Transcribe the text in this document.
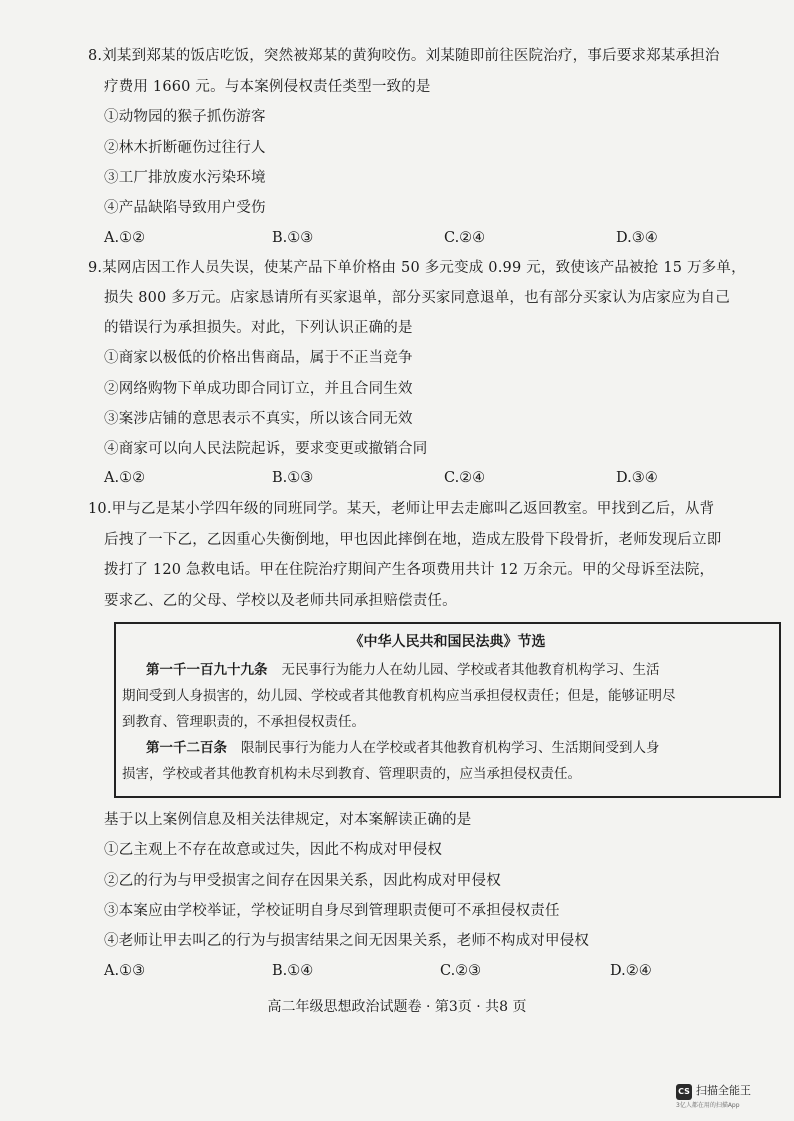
8.刘某到郑某的饭店吃饭，突然被郑某的黄狗咬伤。刘某随即前往医院治疗，事后要求郑某承担治
疗费用 1660 元。与本案例侵权责任类型一致的是
①动物园的猴子抓伤游客
②林木折断砸伤过往行人
③工厂排放废水污染环境
④产品缺陷导致用户受伤
A.①②	B.①③	C.②④	D.③④
9.某网店因工作人员失误，使某产品下单价格由 50 多元变成 0.99 元，致使该产品被抢 15 万多单，
损失 800 多万元。店家恳请所有买家退单，部分买家同意退单，也有部分买家认为店家应为自己
的错误行为承担损失。对此，下列认识正确的是
①商家以极低的价格出售商品，属于不正当竞争
②网络购物下单成功即合同订立，并且合同生效
③案涉店铺的意思表示不真实，所以该合同无效
④商家可以向人民法院起诉，要求变更或撤销合同
A.①②	B.①③	C.②④	D.③④
10.甲与乙是某小学四年级的同班同学。某天，老师让甲去走廊叫乙返回教室。甲找到乙后，从背
后拽了一下乙，乙因重心失衡倒地，甲也因此摔倒在地，造成左股骨下段骨折，老师发现后立即
拨打了 120 急救电话。甲在住院治疗期间产生各项费用共计 12 万余元。甲的父母诉至法院，
要求乙、乙的父母、学校以及老师共同承担赔偿责任。
《中华人民共和国民法典》节选
第一千一百九十九条 无民事行为能力人在幼儿园、学校或者其他教育机构学习、生活
期间受到人身损害的，幼儿园、学校或者其他教育机构应当承担侵权责任；但是，能够证明尽
到教育、管理职责的，不承担侵权责任。
第一千二百条 限制民事行为能力人在学校或者其他教育机构学习、生活期间受到人身
损害，学校或者其他教育机构未尽到教育、管理职责的，应当承担侵权责任。
基于以上案例信息及相关法律规定，对本案解读正确的是
①乙主观上不存在故意或过失，因此不构成对甲侵权
②乙的行为与甲受损害之间存在因果关系，因此构成对甲侵权
③本案应由学校举证，学校证明自身尽到管理职责便可不承担侵权责任
④老师让甲去叫乙的行为与损害结果之间无因果关系，老师不构成对甲侵权
A.①③	B.①④	C.②③	D.②④
高二年级思想政治试题卷 · 第3页 · 共8 页
CS 扫描全能王
3亿人都在用的扫描App
